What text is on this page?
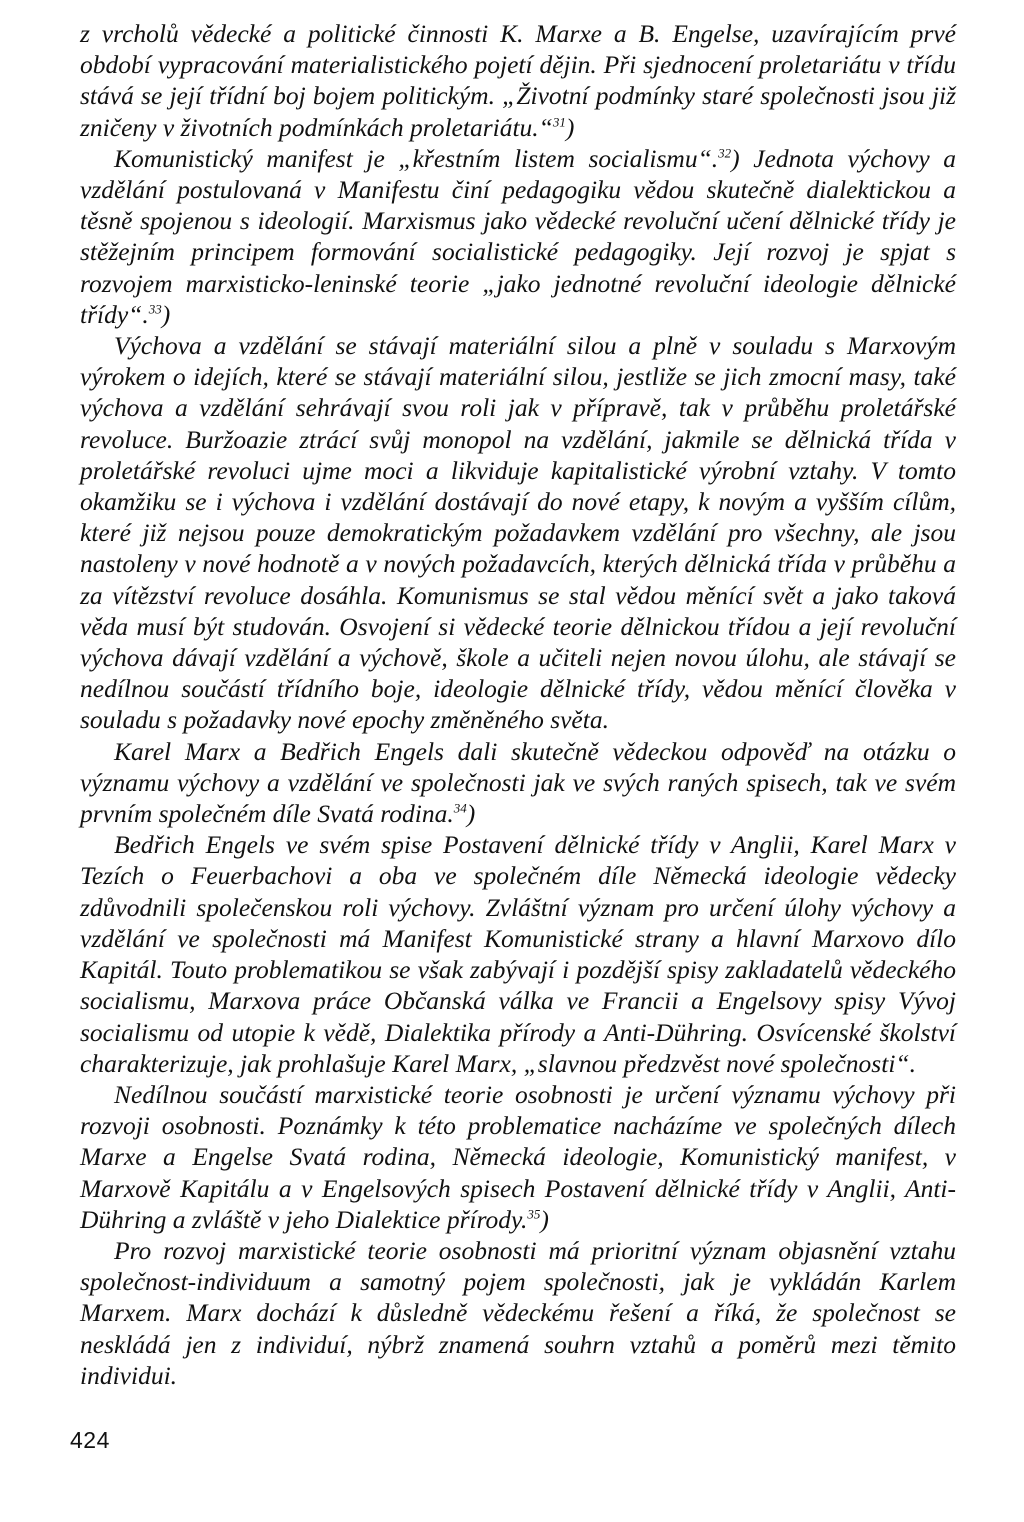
z vrcholů vědecké a politické činnosti K. Marxe a B. Engelse, uzavírajícím prvé období vypracování materialistického pojetí dějin. Při sjednocení proletariátu v třídu stává se její třídní boj bojem politickým. „Životní podmínky staré společnosti jsou již zničeny v životních podmínkách proletariátu.“$^{31}$)

Komunistický manifest je „křestním listem socialismu“.$^{32}$) Jednota výchovy a vzdělání postulovaná v Manifestu činí pedagogiku vědou skutečně dialektickou a těsně spojenou s ideologií. Marxismus jako vědecké revoluční učení dělnické třídy je stěžejním principem formování socialistické pedagogiky. Její rozvoj je spjat s rozvojem marxisticko-leninské teorie „jako jednotné revoluční ideologie dělnické třídy“.$^{33}$)

Výchova a vzdělání se stávají materiální silou a plně v souladu s Marxovým výrokem o idejích, které se stávají materiální silou, jestliže se jich zmocní masy, také výchova a vzdělání sehrávají svou roli jak v přípravě, tak v průběhu proletářské revoluce. Buržoazie ztrácí svůj monopol na vzdělání, jakmile se dělnická třída v proletářské revoluci ujme moci a likviduje kapitalistické výrobní vztahy. V tomto okamžiku se i výchova i vzdělání dostávají do nové etapy, k novým a vyšším cílům, které již nejsou pouze demokratickým požadavkem vzdělání pro všechny, ale jsou nastoleny v nové hodnotě a v nových požadavcích, kterých dělnická třída v průběhu a za vítězství revoluce dosáhla. Komunismus se stal vědou měnící svět a jako taková věda musí být studován. Osvojení si vědecké teorie dělnickou třídou a její revoluční výchova dávají vzdělání a výchově, škole a učiteli nejen novou úlohu, ale stávají se nedílnou součástí třídního boje, ideologie dělnické třídy, vědou měnící člověka v souladu s požadavky nové epochy změněného světa.

Karel Marx a Bedřich Engels dali skutečně vědeckou odpověď na otázku o významu výchovy a vzdělání ve společnosti jak ve svých raných spisech, tak ve svém prvním společném díle Svatá rodina.$^{34}$)

Bedřich Engels ve svém spise Postavení dělnické třídy v Anglii, Karel Marx v Tezích o Feuerbachovi a oba ve společném díle Německá ideologie vědecky zdůvodnili společenskou roli výchovy. Zvláštní význam pro určení úlohy výchovy a vzdělání ve společnosti má Manifest Komunistické strany a hlavní Marxovo dílo Kapitál. Touto problematikou se však zabývají i pozdější spisy zakladatelů vědeckého socialismu, Marxova práce Občanská válka ve Francii a Engelsovy spisy Vývoj socialismu od utopie k vědě, Dialektika přírody a Anti-Dühring. Osvícenské školství charakterizuje, jak prohlašuje Karel Marx, „slavnou předzvěst nové společnosti“.

Nedílnou součástí marxistické teorie osobnosti je určení významu výchovy při rozvoji osobnosti. Poznámky k této problematice nacházíme ve společných dílech Marxe a Engelse Svatá rodina, Německá ideologie, Komunistický manifest, v Marxově Kapitálu a v Engelsových spisech Postavení dělnické třídy v Anglii, Anti-Dühring a zvláště v jeho Dialektice přírody.$^{35}$)

Pro rozvoj marxistické teorie osobnosti má prioritní význam objasnění vztahu společnost-individuum a samotný pojem společnosti, jak je vykládán Karlem Marxem. Marx dochází k důsledně vědeckému řešení a říká, že společnost se neskládá jen z individuí, nýbrž znamená souhrn vztahů a poměrů mezi těmito individui.

424
